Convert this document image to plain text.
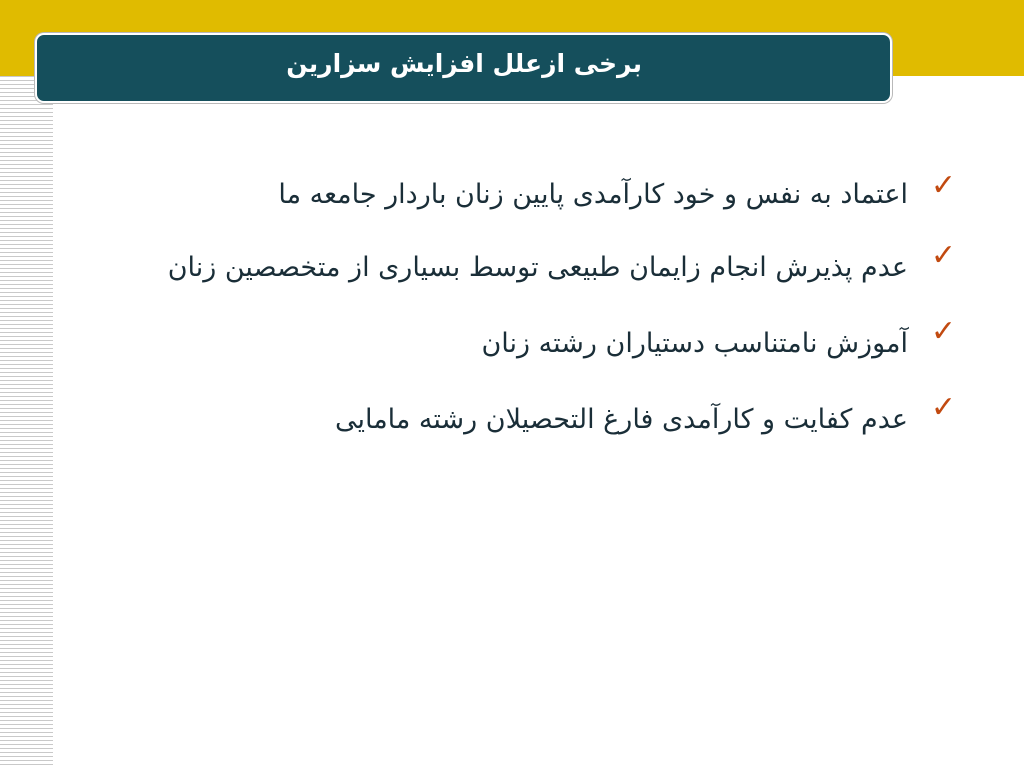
برخی ازعلل افزایش سزارین
✓
اعتماد به نفس و خود کارآمدی پایین زنان باردار جامعه ما
✓
عدم پذیرش انجام زایمان طبیعی توسط بسیاری از متخصصین زنان
✓
آموزش نامتناسب دستیاران رشته زنان
✓
عدم کفایت و کارآمدی فارغ التحصیلان رشته مامایی
